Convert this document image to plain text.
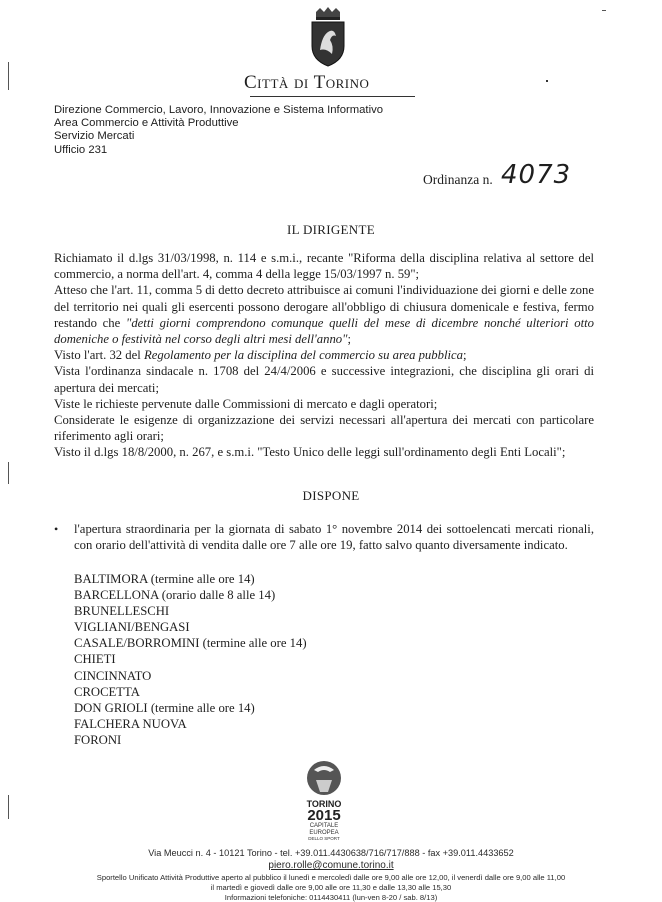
Città di Torino
Direzione Commercio, Lavoro, Innovazione e Sistema Informativo
Area Commercio e Attività Produttive
Servizio Mercati
Ufficio 231
Ordinanza n. 4073
IL DIRIGENTE

Richiamato il d.lgs 31/03/1998, n. 114 e s.m.i., recante "Riforma della disciplina relativa al settore del commercio, a norma dell'art. 4, comma 4 della legge 15/03/1997 n. 59";

Atteso che l'art. 11, comma 5 di detto decreto attribuisce ai comuni l'individuazione dei giorni e delle zone del territorio nei quali gli esercenti possono derogare all'obbligo di chiusura domenicale e festiva, fermo restando che "detti giorni comprendono comunque quelli del mese di dicembre nonché ulteriori otto domeniche o festività nel corso degli altri mesi dell'anno";

Visto l'art. 32 del Regolamento per la disciplina del commercio su area pubblica;

Vista l'ordinanza sindacale n. 1708 del 24/4/2006 e successive integrazioni, che disciplina gli orari di apertura dei mercati;

Viste le richieste pervenute dalle Commissioni di mercato e dagli operatori;

Considerate le esigenze di organizzazione dei servizi necessari all'apertura dei mercati con particolare riferimento agli orari;

Visto il d.lgs 18/8/2000, n. 267, e s.m.i. "Testo Unico delle leggi sull'ordinamento degli Enti Locali";

DISPONE
• l'apertura straordinaria per la giornata di sabato 1° novembre 2014 dei sottoelencati mercati rionali, con orario dell'attività di vendita dalle ore 7 alle ore 19, fatto salvo quanto diversamente indicato.
BALTIMORA (termine alle ore 14)
BARCELLONA (orario dalle 8 alle 14)
BRUNELLESCHI
VIGLIANI/BENGASI
CASALE/BORROMINI (termine alle ore 14)
CHIETI
CINCINNATO
CROCETTA
DON GRIOLI (termine alle ore 14)
FALCHERA NUOVA
FORONI
TORINO
2015
CAPITALE
EUROPEA
DELLO SPORT
Via Meucci n. 4 - 10121 Torino - tel. +39.011.4430638/716/717/888 - fax +39.011.4433652
piero.rolle@comune.torino.it
Sportello Unificato Attività Produttive aperto al pubblico il lunedì e mercoledì dalle ore 9,00 alle ore 12,00, il venerdì dalle ore 9,00 alle 11,00
il martedì e giovedì dalle ore 9,00 alle ore 11,30 e dalle 13,30 alle 15,30
Informazioni telefoniche: 0114430411 (lun-ven 8-20 / sab. 8/13)
